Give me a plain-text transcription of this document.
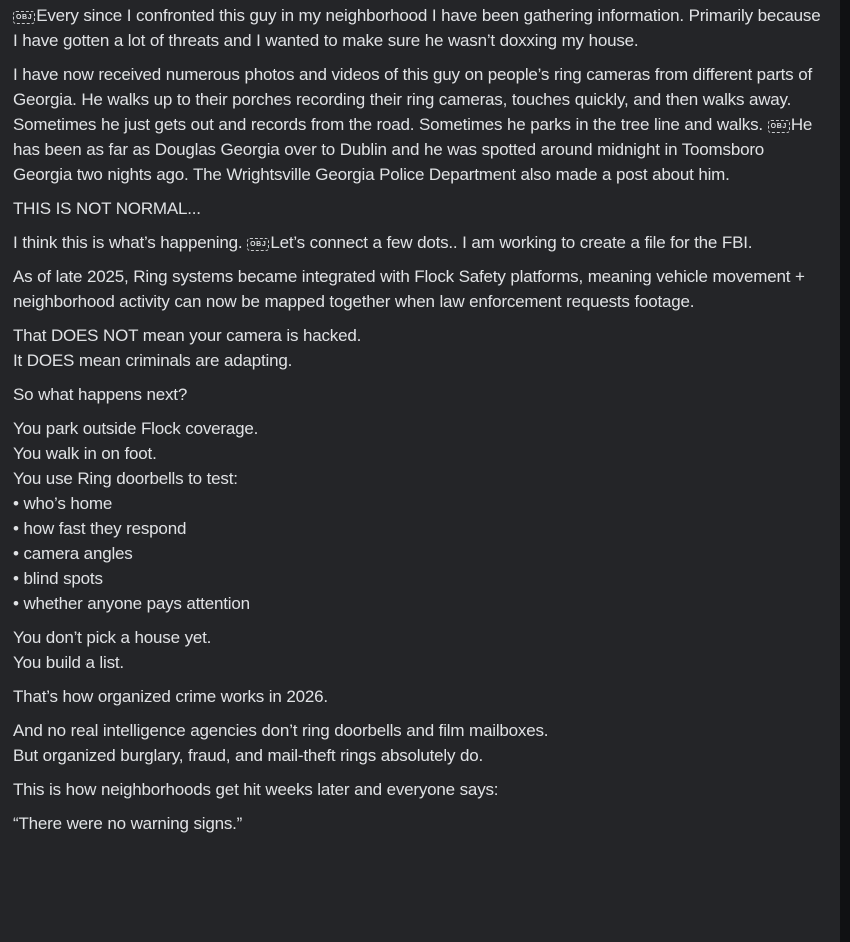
OBJ Every since I confronted this guy in my neighborhood I have been gathering information. Primarily because I have gotten a lot of threats and I wanted to make sure he wasn’t doxxing my house.

I have now received numerous photos and videos of this guy on people’s ring cameras from different parts of Georgia. He walks up to their porches recording their ring cameras, touches quickly, and then walks away. Sometimes he just gets out and records from the road. Sometimes he parks in the tree line and walks. OBJ He has been as far as Douglas Georgia over to Dublin and he was spotted around midnight in Toomsboro Georgia two nights ago. The Wrightsville Georgia Police Department also made a post about him.

THIS IS NOT NORMAL...

I think this is what’s happening. OBJ Let’s connect a few dots.. I am working to create a file for the FBI.

As of late 2025, Ring systems became integrated with Flock Safety platforms, meaning vehicle movement + neighborhood activity can now be mapped together when law enforcement requests footage.

That DOES NOT mean your camera is hacked.
It DOES mean criminals are adapting.

So what happens next?

You park outside Flock coverage.
You walk in on foot.
You use Ring doorbells to test:
• who’s home
• how fast they respond
• camera angles
• blind spots
• whether anyone pays attention

You don’t pick a house yet.
You build a list.

That’s how organized crime works in 2026.

And no real intelligence agencies don’t ring doorbells and film mailboxes.
But organized burglary, fraud, and mail-theft rings absolutely do.

This is how neighborhoods get hit weeks later and everyone says:

“There were no warning signs.”
